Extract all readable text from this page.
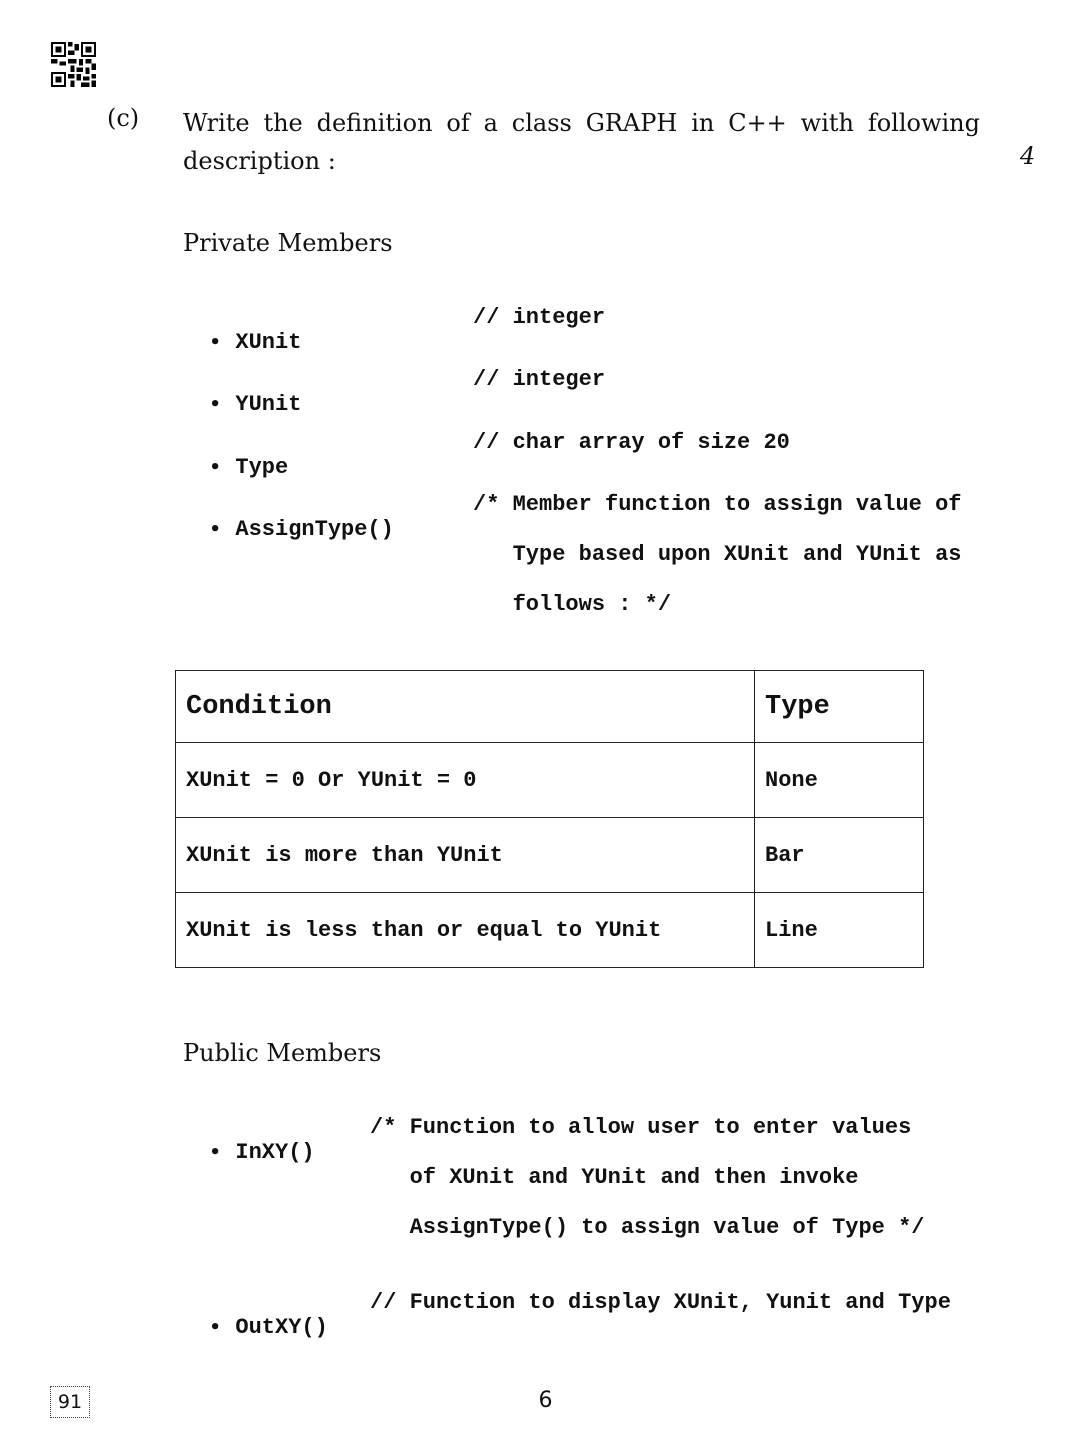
(c) Write the definition of a class GRAPH in C++ with following
description :	4
Private Members

• XUnit

// integer

• YUnit

// integer

• Type

// char array of size 20

• AssignType()

/* Member function to assign value of

Type based upon XUnit and YUnit as

follows : */

Condition	Type
XUnit = 0 Or YUnit = 0	None
XUnit is more than YUnit	Bar
XUnit is less than or equal to YUnit	Line
Public Members

• InXY()

/* Function to allow user to enter values

of XUnit and YUnit and then invoke

AssignType() to assign value of Type */

• OutXY()

// Function to display XUnit, Yunit and Type

91	6
